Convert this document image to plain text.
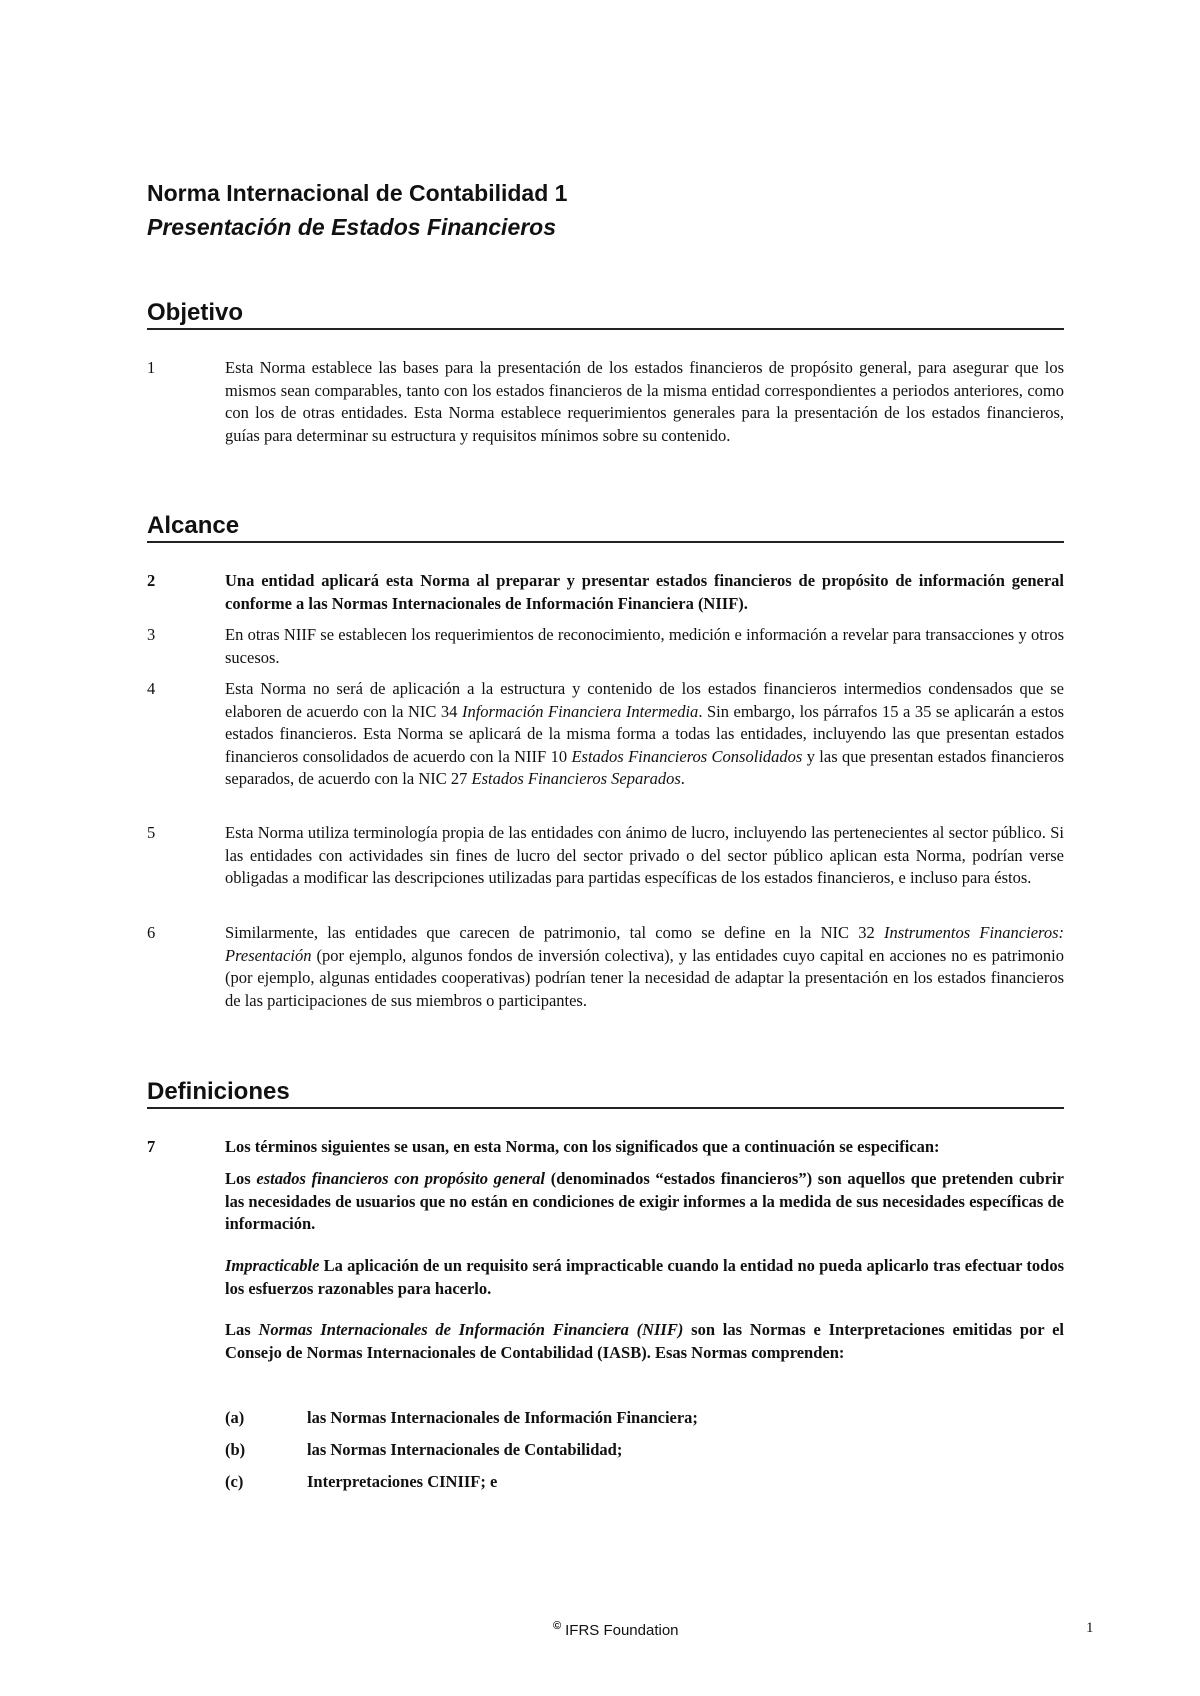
Norma Internacional de Contabilidad 1
Presentación de Estados Financieros
Objetivo
1	Esta Norma establece las bases para la presentación de los estados financieros de propósito general, para asegurar que los mismos sean comparables, tanto con los estados financieros de la misma entidad correspondientes a periodos anteriores, como con los de otras entidades. Esta Norma establece requerimientos generales para la presentación de los estados financieros, guías para determinar su estructura y requisitos mínimos sobre su contenido.
Alcance
2	Una entidad aplicará esta Norma al preparar y presentar estados financieros de propósito de información general conforme a las Normas Internacionales de Información Financiera (NIIF).
3	En otras NIIF se establecen los requerimientos de reconocimiento, medición e información a revelar para transacciones y otros sucesos.
4	Esta Norma no será de aplicación a la estructura y contenido de los estados financieros intermedios condensados que se elaboren de acuerdo con la NIC 34 Información Financiera Intermedia. Sin embargo, los párrafos 15 a 35 se aplicarán a estos estados financieros. Esta Norma se aplicará de la misma forma a todas las entidades, incluyendo las que presentan estados financieros consolidados de acuerdo con la NIIF 10 Estados Financieros Consolidados y las que presentan estados financieros separados, de acuerdo con la NIC 27 Estados Financieros Separados.
5	Esta Norma utiliza terminología propia de las entidades con ánimo de lucro, incluyendo las pertenecientes al sector público. Si las entidades con actividades sin fines de lucro del sector privado o del sector público aplican esta Norma, podrían verse obligadas a modificar las descripciones utilizadas para partidas específicas de los estados financieros, e incluso para éstos.
6	Similarmente, las entidades que carecen de patrimonio, tal como se define en la NIC 32 Instrumentos Financieros: Presentación (por ejemplo, algunos fondos de inversión colectiva), y las entidades cuyo capital en acciones no es patrimonio (por ejemplo, algunas entidades cooperativas) podrían tener la necesidad de adaptar la presentación en los estados financieros de las participaciones de sus miembros o participantes.
Definiciones
7	Los términos siguientes se usan, en esta Norma, con los significados que a continuación se especifican:
Los estados financieros con propósito general (denominados “estados financieros”) son aquellos que pretenden cubrir las necesidades de usuarios que no están en condiciones de exigir informes a la medida de sus necesidades específicas de información.
Impracticable La aplicación de un requisito será impracticable cuando la entidad no pueda aplicarlo tras efectuar todos los esfuerzos razonables para hacerlo.
Las Normas Internacionales de Información Financiera (NIIF) son las Normas e Interpretaciones emitidas por el Consejo de Normas Internacionales de Contabilidad (IASB). Esas Normas comprenden:
(a)	las Normas Internacionales de Información Financiera;
(b)	las Normas Internacionales de Contabilidad;
(c)	Interpretaciones CINIIF; e
© IFRS Foundation	1
